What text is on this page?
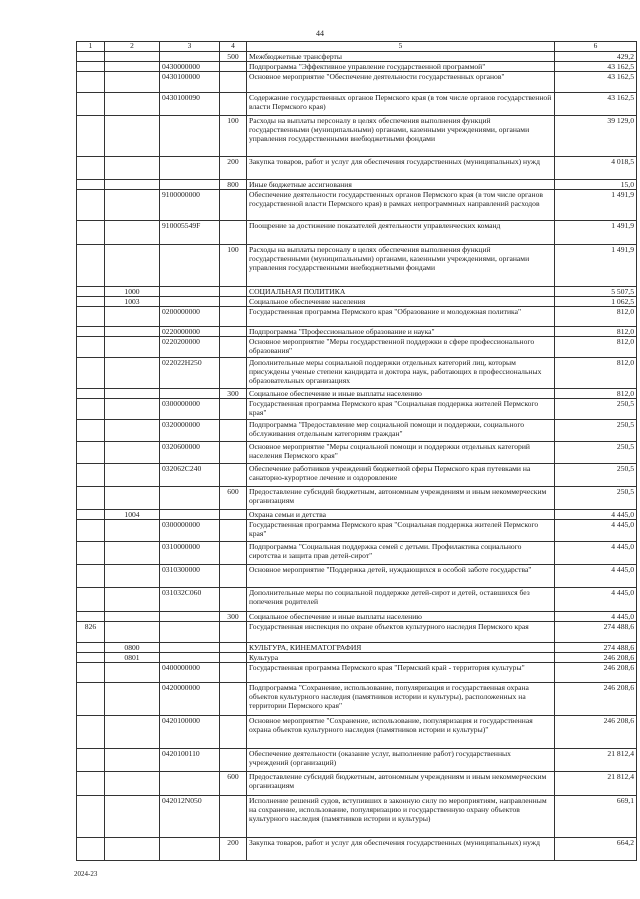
44
1	2	3	4	5	6
			500	Межбюджетные трансферты	429,2
		0430000000		Подпрограмма "Эффективное управление государственной программой"	43 162,5
		0430100000		Основное мероприятие "Обеспечение деятельности государственных органов"	43 162,5
		0430100090		Содержание государственных органов Пермского края (в том числе органов государственной власти Пермского края)	43 162,5
			100	Расходы на выплаты персоналу в целях обеспечения выполнения функций государственными (муниципальными) органами, казенными учреждениями, органами управления государственными внебюджетными фондами	39 129,0
			200	Закупка товаров, работ и услуг для обеспечения государственных (муниципальных) нужд	4 018,5
			800	Иные бюджетные ассигнования	15,0
		9100000000		Обеспечение деятельности государственных органов Пермского края (в том числе органов государственной власти Пермского края) в рамках непрограммных направлений расходов	1 491,9
		910005549F		Поощрение за достижение показателей деятельности управленческих команд	1 491,9
			100	Расходы на выплаты персоналу в целях обеспечения выполнения функций государственными (муниципальными) органами, казенными учреждениями, органами управления государственными внебюджетными фондами	1 491,9
	1000			СОЦИАЛЬНАЯ ПОЛИТИКА	5 507,5
	1003			Социальное обеспечение населения	1 062,5
		0200000000		Государственная программа Пермского края "Образование и молодежная политика"	812,0
		0220000000		Подпрограмма "Профессиональное образование и наука"	812,0
		0220200000		Основное мероприятие "Меры государственной поддержки в сфере профессионального образования"	812,0
		022022Н250		Дополнительные меры социальной поддержки отдельных категорий лиц, которым присуждены ученые степени кандидата и доктора наук, работающих в профессиональных образовательных организациях	812,0
			300	Социальное обеспечение и иные выплаты населению	812,0
		0300000000		Государственная программа Пермского края "Социальная поддержка жителей Пермского края"	250,5
		0320000000		Подпрограмма "Предоставление мер социальной помощи и поддержки, социального обслуживания отдельным категориям граждан"	250,5
		0320600000		Основное мероприятие "Меры социальной помощи и поддержки отдельных категорий населения Пермского края"	250,5
		032062С240		Обеспечение работников учреждений бюджетной сферы Пермского края путевками на санаторно-курортное лечение и оздоровление	250,5
			600	Предоставление субсидий бюджетным, автономным учреждениям и иным некоммерческим организациям	250,5
	1004			Охрана семьи и детства	4 445,0
		0300000000		Государственная программа Пермского края "Социальная поддержка жителей Пермского края"	4 445,0
		0310000000		Подпрограмма "Социальная поддержка семей с детьми. Профилактика социального сиротства и защита прав детей-сирот"	4 445,0
		0310300000		Основное мероприятие "Поддержка детей, нуждающихся в особой заботе государства"	4 445,0
		031032С060		Дополнительные меры по социальной поддержке детей-сирот и детей, оставшихся без попечения родителей	4 445,0
			300	Социальное обеспечение и иные выплаты населению	4 445,0
826				Государственная инспекция по охране объектов культурного наследия Пермского края	274 488,6
	0800			КУЛЬТУРА, КИНЕМАТОГРАФИЯ	274 488,6
	0801			Культура	246 208,6
		0400000000		Государственная программа Пермского края "Пермский край - территория культуры"	246 208,6
		0420000000		Подпрограмма "Сохранение, использование, популяризация и государственная охрана объектов культурного наследия (памятников истории и культуры), расположенных на территории Пермского края"	246 208,6
		0420100000		Основное мероприятие "Сохранение, использование, популяризация и государственная охрана объектов культурного наследия (памятников истории и культуры)"	246 208,6
		0420100110		Обеспечение деятельности (оказание услуг, выполнение работ) государственных учреждений (организаций)	21 812,4
			600	Предоставление субсидий бюджетным, автономным учреждениям и иным некоммерческим организациям	21 812,4
		042012N050		Исполнение решений судов, вступивших в законную силу по мероприятиям, направленным на сохранение, использование, популяризацию и государственную охрану объектов культурного наследия (памятников истории и культуры)	669,1
			200	Закупка товаров, работ и услуг для обеспечения государственных (муниципальных) нужд	664,2
2024-23
